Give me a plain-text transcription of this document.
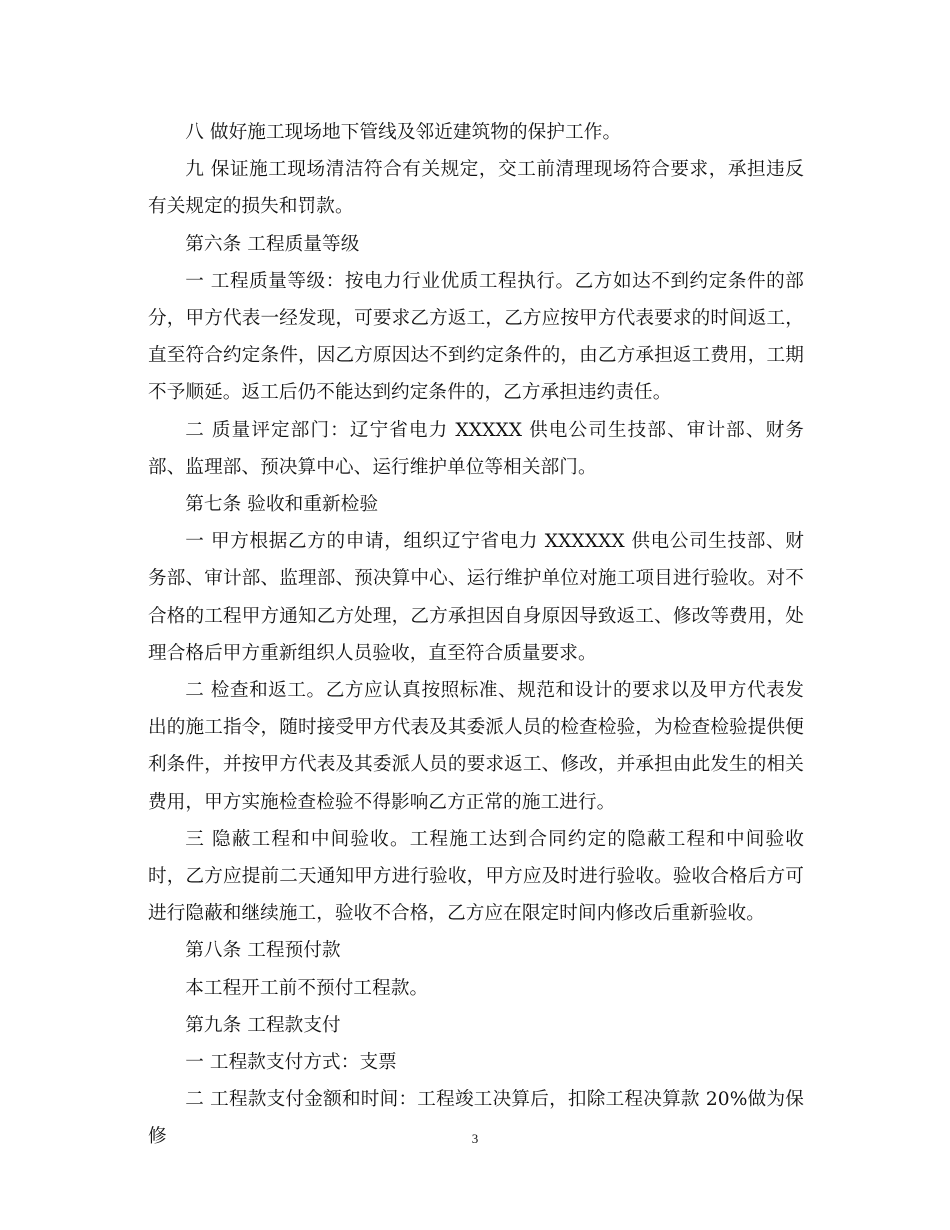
八 做好施工现场地下管线及邻近建筑物的保护工作。

九 保证施工现场清洁符合有关规定，交工前清理现场符合要求，承担违反有关规定的损失和罚款。

第六条 工程质量等级

一 工程质量等级：按电力行业优质工程执行。乙方如达不到约定条件的部分，甲方代表一经发现，可要求乙方返工，乙方应按甲方代表要求的时间返工，直至符合约定条件，因乙方原因达不到约定条件的，由乙方承担返工费用，工期不予顺延。返工后仍不能达到约定条件的，乙方承担违约责任。

二 质量评定部门：辽宁省电力 XXXXX 供电公司生技部、审计部、财务部、监理部、预决算中心、运行维护单位等相关部门。

第七条 验收和重新检验

一 甲方根据乙方的申请，组织辽宁省电力 XXXXXX 供电公司生技部、财务部、审计部、监理部、预决算中心、运行维护单位对施工项目进行验收。对不合格的工程甲方通知乙方处理，乙方承担因自身原因导致返工、修改等费用，处理合格后甲方重新组织人员验收，直至符合质量要求。

二 检查和返工。乙方应认真按照标准、规范和设计的要求以及甲方代表发出的施工指令，随时接受甲方代表及其委派人员的检查检验，为检查检验提供便利条件，并按甲方代表及其委派人员的要求返工、修改，并承担由此发生的相关费用，甲方实施检查检验不得影响乙方正常的施工进行。

三 隐蔽工程和中间验收。工程施工达到合同约定的隐蔽工程和中间验收时，乙方应提前二天通知甲方进行验收，甲方应及时进行验收。验收合格后方可进行隐蔽和继续施工，验收不合格，乙方应在限定时间内修改后重新验收。

第八条 工程预付款

本工程开工前不预付工程款。

第九条 工程款支付

一 工程款支付方式：支票

二 工程款支付金额和时间：工程竣工决算后，扣除工程决算款 20%做为保修	3
